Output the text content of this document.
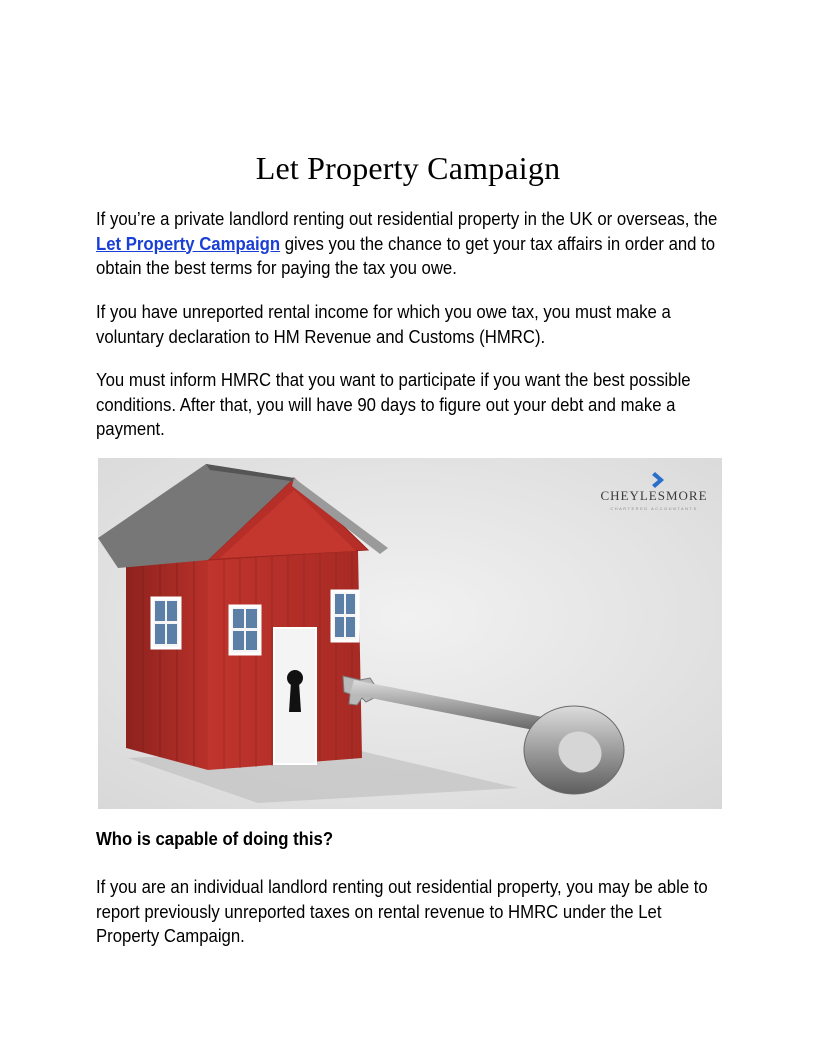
Let Property Campaign

If you’re a private landlord renting out residential property in the UK or overseas, the Let Property Campaign gives you the chance to get your tax affairs in order and to obtain the best terms for paying the tax you owe.

If you have unreported rental income for which you owe tax, you must make a voluntary declaration to HM Revenue and Customs (HMRC).

You must inform HMRC that you want to participate if you want the best possible conditions. After that, you will have 90 days to figure out your debt and make a payment.

CHEYLESMORE
CHARTERED ACCOUNTANTS
Who is capable of doing this?

If you are an individual landlord renting out residential property, you may be able to report previously unreported taxes on rental revenue to HMRC under the Let Property Campaign.
